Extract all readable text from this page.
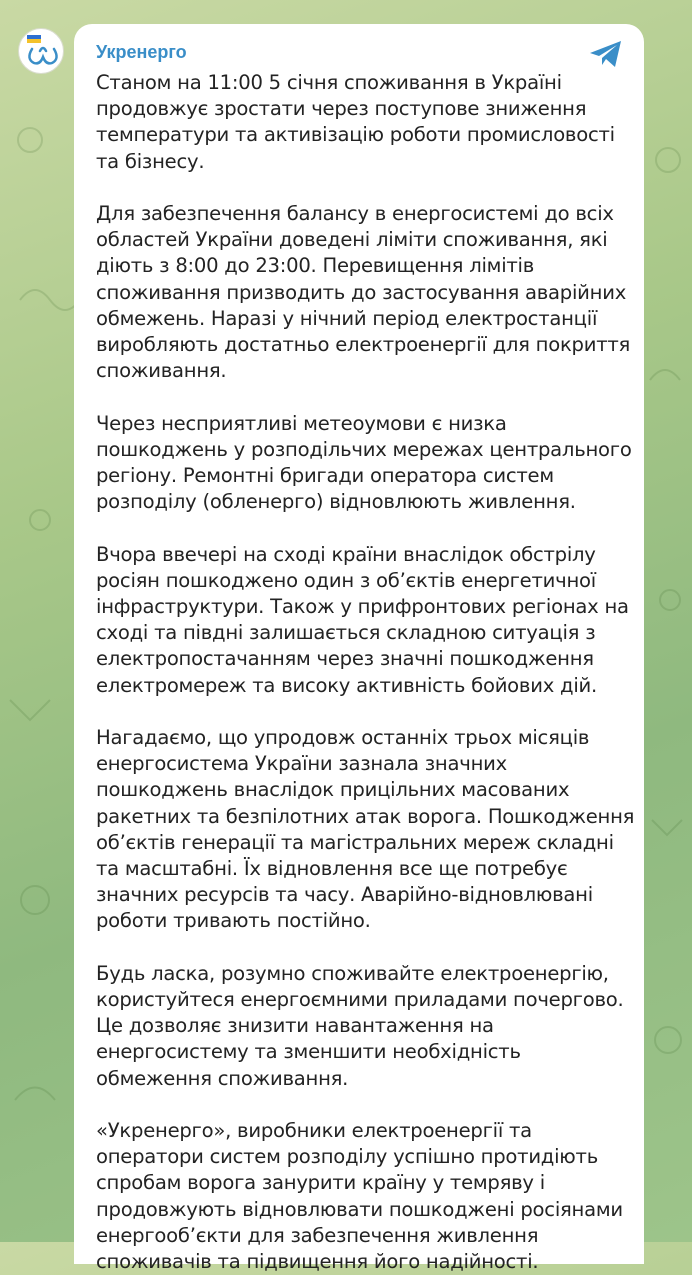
Укренерго

Станом на 11:00 5 січня споживання в Україні продовжує зростати через поступове зниження температури та активізацію роботи промисловості та бізнесу.

Для забезпечення балансу в енергосистемі до всіх областей України доведені ліміти споживання, які діють з 8:00 до 23:00. Перевищення лімітів споживання призводить до застосування аварійних обмежень. Наразі у нічний період електростанції виробляють достатньо електроенергії для покриття споживання.

Через несприятливі метеоумови є низка пошкоджень у розподільчих мережах центрального регіону. Ремонтні бригади оператора систем розподілу (обленерго) відновлюють живлення.

Вчора ввечері на сході країни внаслідок обстрілу росіян пошкоджено один з об’єктів енергетичної інфраструктури. Також у прифронтових регіонах на сході та півдні залишається складною ситуація з електропостачанням через значні пошкодження електромереж та високу активність бойових дій.

Нагадаємо, що упродовж останніх трьох місяців енергосистема України зазнала значних пошкоджень внаслідок прицільних масованих ракетних та безпілотних атак ворога. Пошкодження об’єктів генерації та магістральних мереж складні та масштабні. Їх відновлення все ще потребує значних ресурсів та часу. Аварійно-відновлювані роботи тривають постійно.

Будь ласка, розумно споживайте електроенергію, користуйтеся енергоємними приладами почергово. Це дозволяє знизити навантаження на енергосистему та зменшити необхідність обмеження споживання.

«Укренерго», виробники електроенергії та оператори систем розподілу успішно протидіють спробам ворога занурити країну у темряву і продовжують відновлювати пошкоджені росіянами енергооб’єкти для забезпечення живлення споживачів та підвищення його надійності.
